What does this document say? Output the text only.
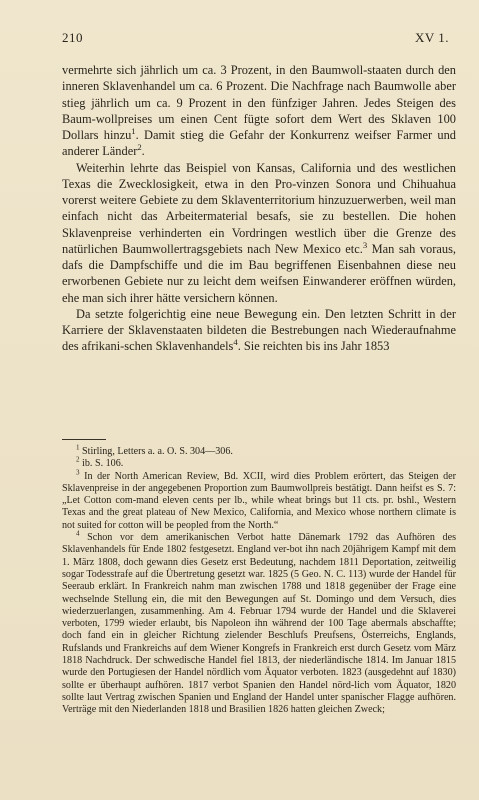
210	XV 1.

vermehrte sich jährlich um ca. 3 Prozent, in den Baumwoll-staaten durch den inneren Sklavenhandel um ca. 6 Prozent. Die Nachfrage nach Baumwolle aber stieg jährlich um ca. 9 Prozent in den fünfziger Jahren. Jedes Steigen des Baum-wollpreises um einen Cent fügte sofort dem Wert des Sklaven 100 Dollars hinzu$^1$. Damit stieg die Gefahr der Konkurrenz weifser Farmer und anderer Länder$^2$.

Weiterhin lehrte das Beispiel von Kansas, California und des westlichen Texas die Zwecklosigkeit, etwa in den Pro-vinzen Sonora und Chihuahua vorerst weitere Gebiete zu dem Sklaventerritorium hinzuzuerwerben, weil man einfach nicht das Arbeitermaterial besafs, sie zu bestellen. Die hohen Sklavenpreise verhinderten ein Vordringen westlich über die Grenze des natürlichen Baumwollertragsgebiets nach New Mexico etc.$^3$ Man sah voraus, dafs die Dampfschiffe und die im Bau begriffenen Eisenbahnen diese neu erworbenen Gebiete nur zu leicht dem weifsen Einwanderer eröffnen würden, ehe man sich ihrer hätte versichern können.

Da setzte folgerichtig eine neue Bewegung ein. Den letzten Schritt in der Karriere der Sklavenstaaten bildeten die Bestrebungen nach Wiederaufnahme des afrikani-schen Sklavenhandels$^4$. Sie reichten bis ins Jahr 1853

$^1$ Stirling, Letters a. a. O. S. 304—306.

$^2$ ib. S. 106.

$^3$ In der North American Review, Bd. XCII, wird dies Problem erörtert, das Steigen der Sklavenpreise in der angegebenen Proportion zum Baumwollpreis bestätigt. Dann heifst es S. 7: „Let Cotton com-mand eleven cents per lb., while wheat brings but 11 cts. pr. bshl., Western Texas and the great plateau of New Mexico, California, and Mexico whose northern climate is not suited for cotton will be peopled from the North.“

$^4$ Schon vor dem amerikanischen Verbot hatte Dänemark 1792 das Aufhören des Sklavenhandels für Ende 1802 festgesetzt. England ver-bot ihn nach 20jährigem Kampf mit dem 1. März 1808, doch gewann dies Gesetz erst Bedeutung, nachdem 1811 Deportation, zeitweilig sogar Todesstrafe auf die Übertretung gesetzt war. 1825 (5 Geo. N. C. 113) wurde der Handel für Seeraub erklärt. In Frankreich nahm man zwischen 1788 und 1818 gegenüber der Frage eine wechselnde Stellung ein, die mit den Bewegungen auf St. Domingo und dem Versuch, dies wiederzuerlangen, zusammenhing. Am 4. Februar 1794 wurde der Handel und die Sklaverei verboten, 1799 wieder erlaubt, bis Napoleon ihn während der 100 Tage abermals abschaffte; doch fand ein in gleicher Richtung zielender Beschlufs Preufsens, Österreichs, Englands, Rufslands und Frankreichs auf dem Wiener Kongrefs in Frankreich erst durch Gesetz vom März 1818 Nachdruck. Der schwedische Handel fiel 1813, der niederländische 1814. Im Januar 1815 wurde den Portugiesen der Handel nördlich vom Äquator verboten. 1823 (ausgedehnt auf 1830) sollte er überhaupt aufhören. 1817 verbot Spanien den Handel nörd-lich vom Äquator, 1820 sollte laut Vertrag zwischen Spanien und England der Handel unter spanischer Flagge aufhören. Verträge mit den Niederlanden 1818 und Brasilien 1826 hatten gleichen Zweck;
